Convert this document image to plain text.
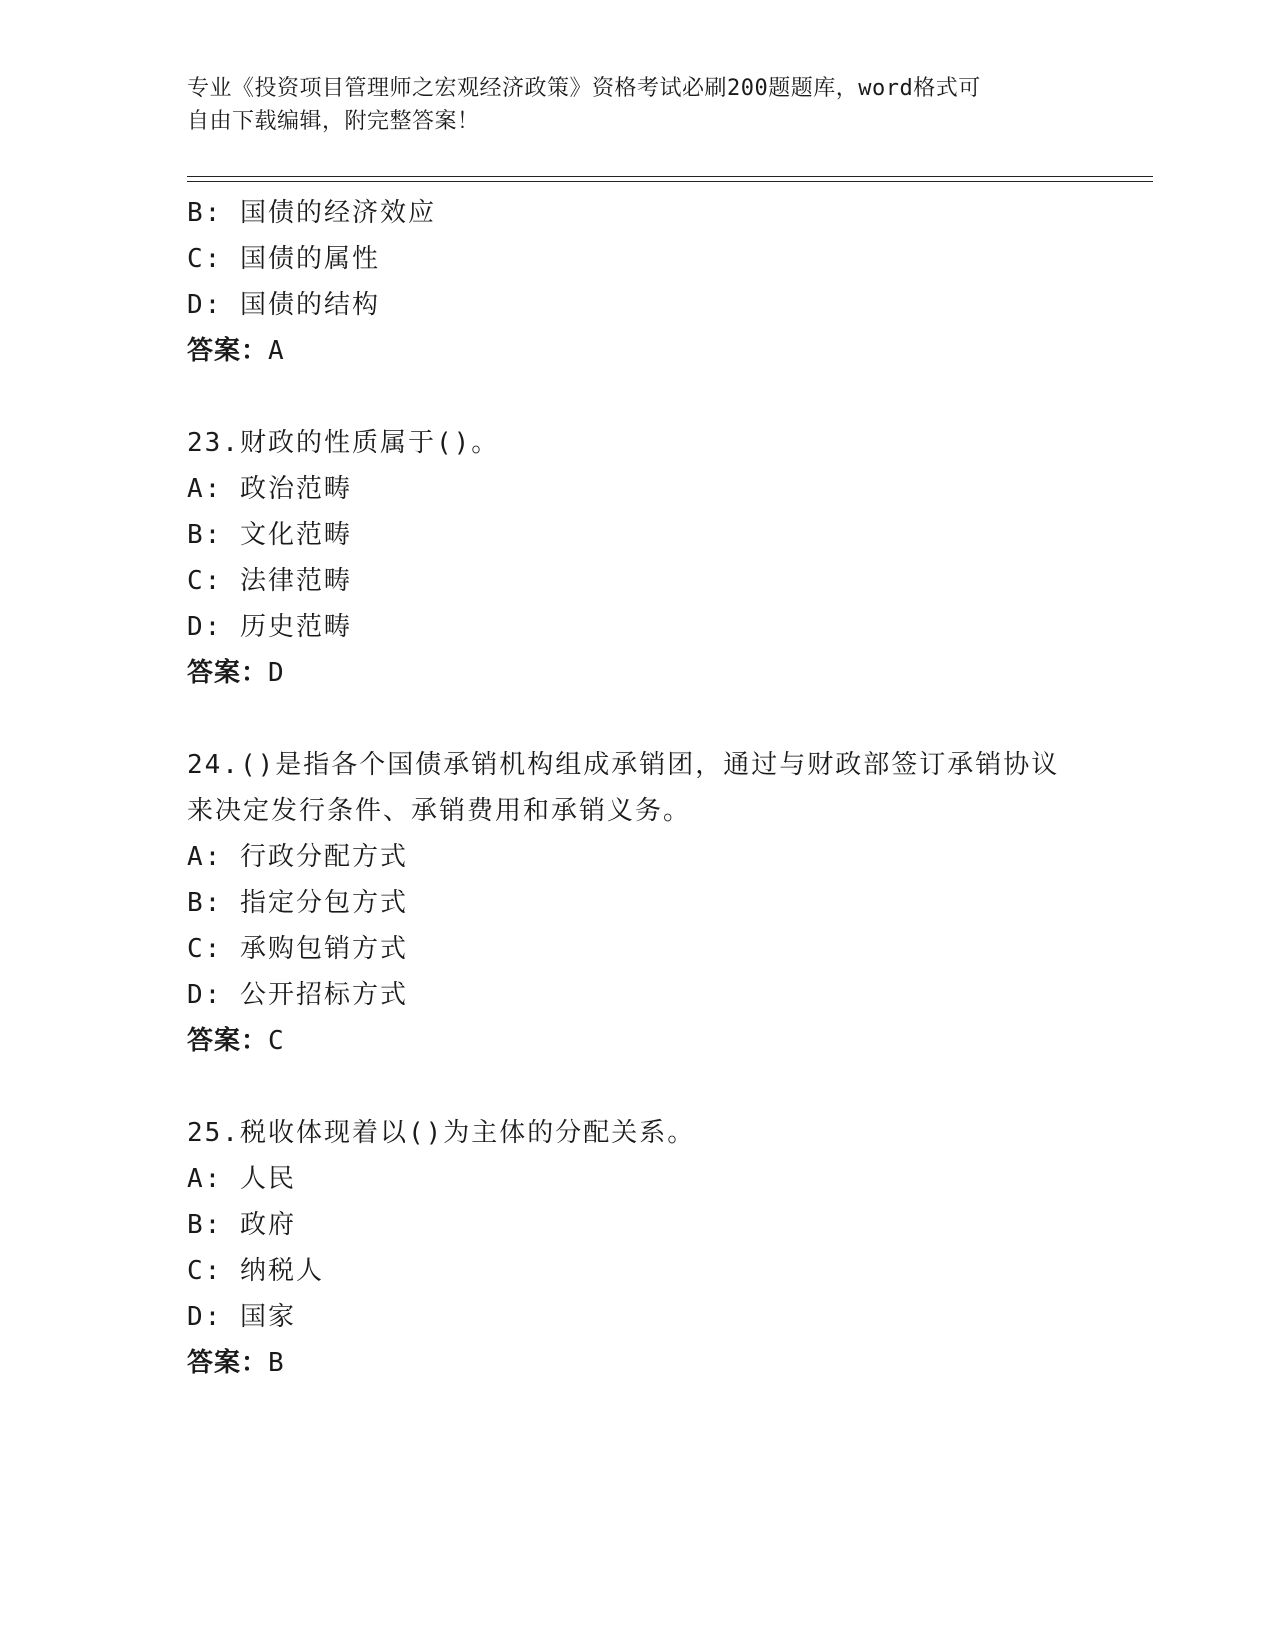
专业《投资项目管理师之宏观经济政策》资格考试必刷200题题库，word格式可
自由下载编辑，附完整答案！
B: 国债的经济效应
C: 国债的属性
D: 国债的结构
答案：A
23.财政的性质属于()。
A: 政治范畴
B: 文化范畴
C: 法律范畴
D: 历史范畴
答案：D
24.()是指各个国债承销机构组成承销团，通过与财政部签订承销协议
来决定发行条件、承销费用和承销义务。
A: 行政分配方式
B: 指定分包方式
C: 承购包销方式
D: 公开招标方式
答案：C
25.税收体现着以()为主体的分配关系。
A: 人民
B: 政府
C: 纳税人
D: 国家
答案：B
